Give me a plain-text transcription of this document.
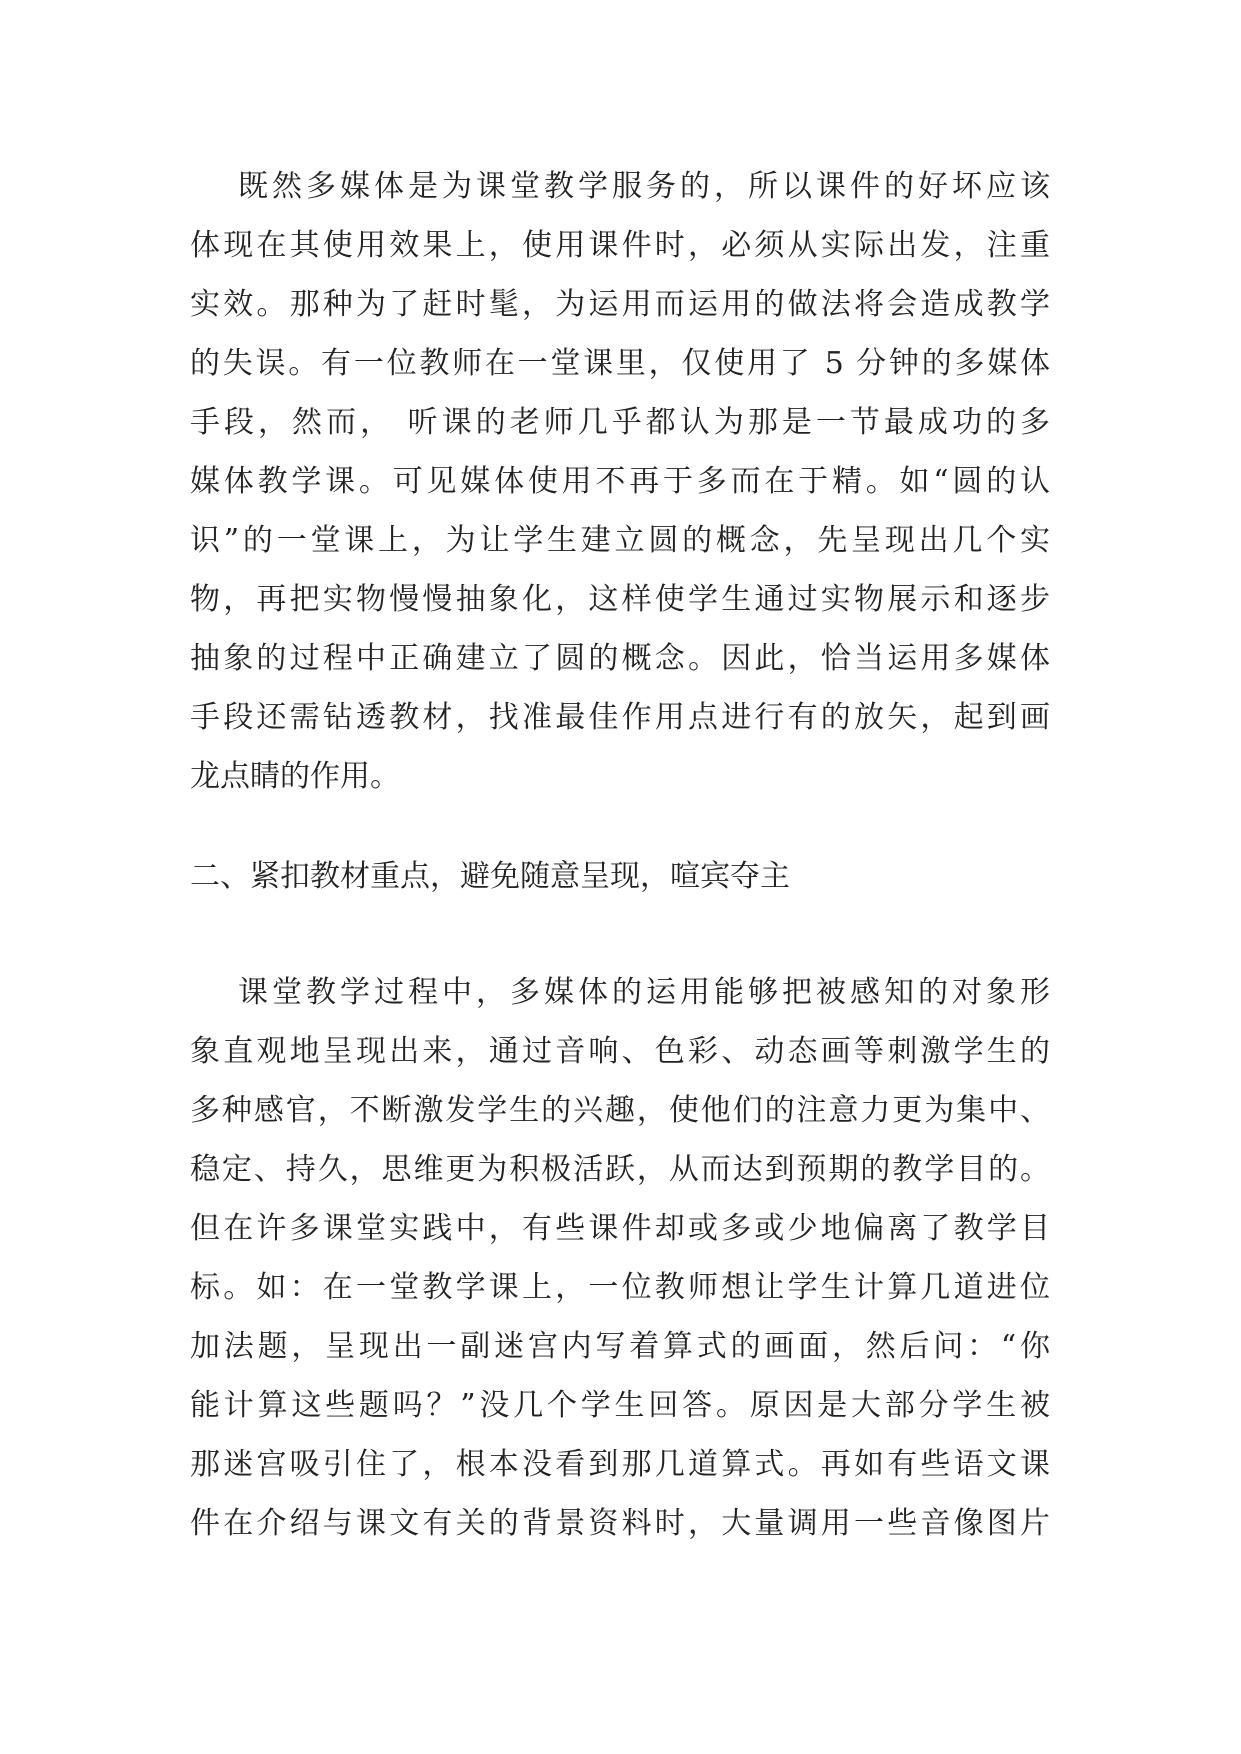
既然多媒体是为课堂教学服务的，所以课件的好坏应该
体现在其使用效果上，使用课件时，必须从实际出发，注重
实效。那种为了赶时髦，为运用而运用的做法将会造成教学
的失误。有一位教师在一堂课里，仅使用了 5 分钟的多媒体
手段，然而， 听课的老师几乎都认为那是一节最成功的多
媒体教学课。可见媒体使用不再于多而在于精。如“圆的认
识”的一堂课上，为让学生建立圆的概念，先呈现出几个实
物，再把实物慢慢抽象化，这样使学生通过实物展示和逐步
抽象的过程中正确建立了圆的概念。因此，恰当运用多媒体
手段还需钻透教材，找准最佳作用点进行有的放矢，起到画
龙点睛的作用。
二、紧扣教材重点，避免随意呈现，喧宾夺主
课堂教学过程中，多媒体的运用能够把被感知的对象形
象直观地呈现出来，通过音响、色彩、动态画等刺激学生的
多种感官，不断激发学生的兴趣，使他们的注意力更为集中、
稳定、持久，思维更为积极活跃，从而达到预期的教学目的。
但在许多课堂实践中，有些课件却或多或少地偏离了教学目
标。如：在一堂教学课上，一位教师想让学生计算几道进位
加法题，呈现出一副迷宫内写着算式的画面，然后问：“你
能计算这些题吗？”没几个学生回答。原因是大部分学生被
那迷宫吸引住了，根本没看到那几道算式。再如有些语文课
件在介绍与课文有关的背景资料时，大量调用一些音像图片
